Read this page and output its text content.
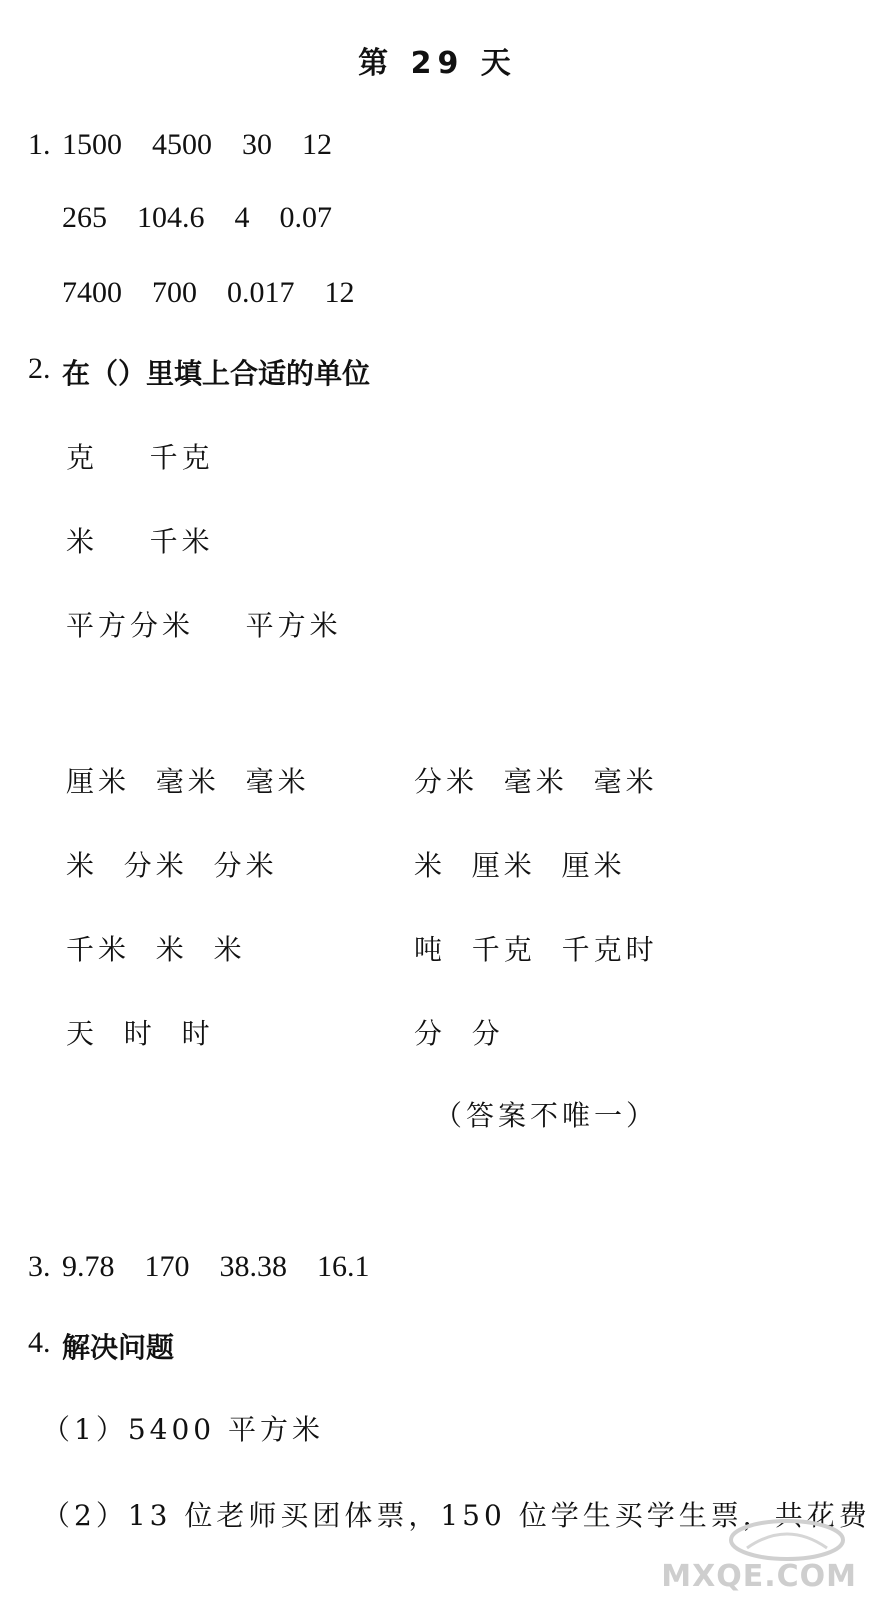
第 29 天
1. 1500    4500    30    12
265    104.6    4    0.07
7400    700    0.017    12
2. 在（）里填上合适的单位
克    千克
米    千米
平方分米    平方米
厘米  毫米  毫米
米  分米  分米
千米  米  米
天  时  时
分米  毫米  毫米
米  厘米  厘米
吨  千克  千克时
分  分
（答案不唯一）
3. 9.78    170    38.38    16.1
4. 解决问题
（1）5400 平方米
（2）13 位老师买团体票，150 位学生买学生票，共花费
MXQE.COM
